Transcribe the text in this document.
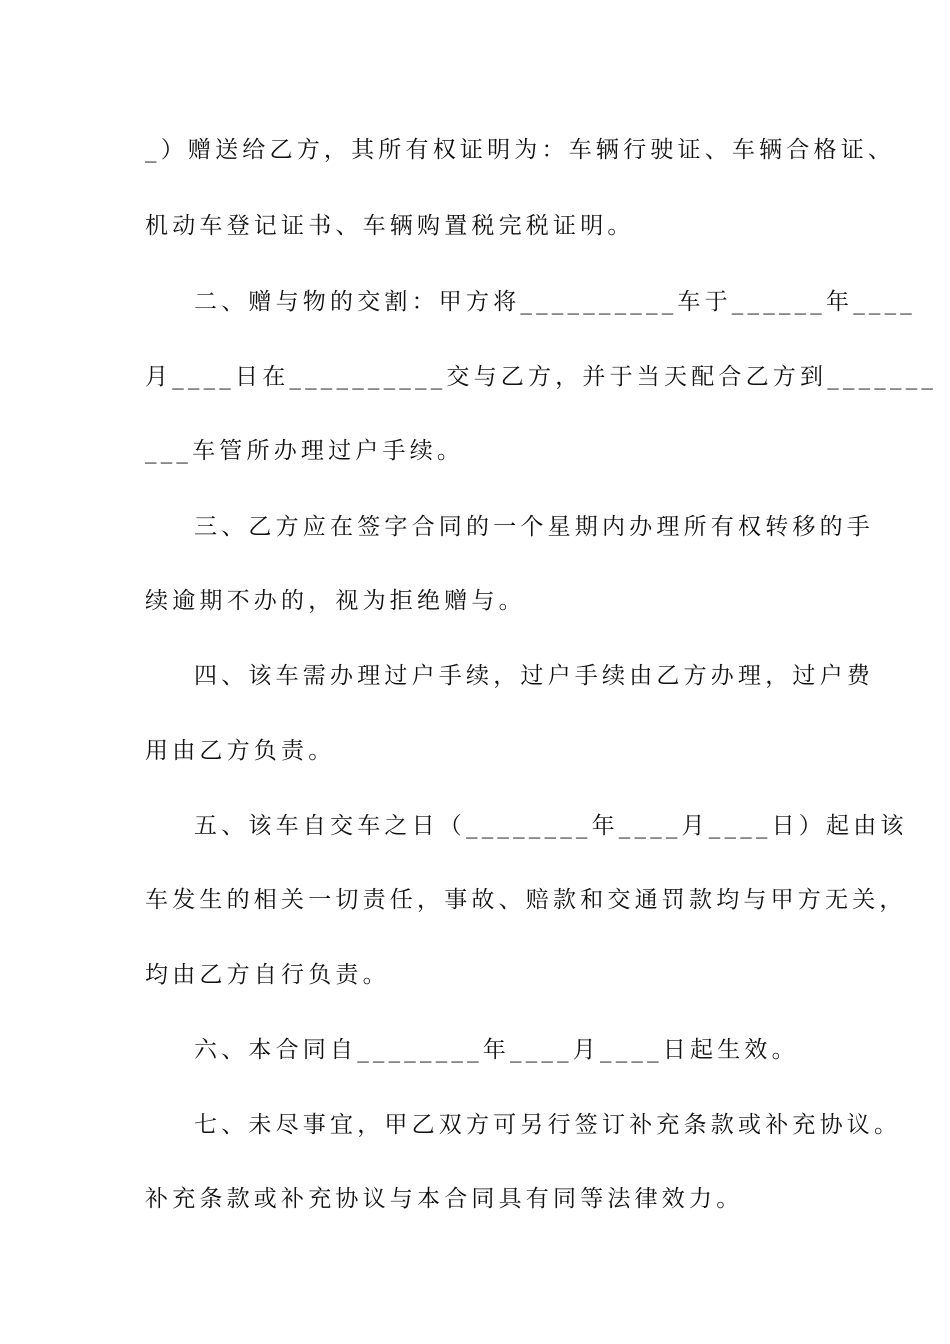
_）赠送给乙方，其所有权证明为：车辆行驶证、车辆合格证、
机动车登记证书、车辆购置税完税证明。
二、赠与物的交割：甲方将__________车于______年____
月____日在__________交与乙方，并于当天配合乙方到_______
___车管所办理过户手续。
三、乙方应在签字合同的一个星期内办理所有权转移的手
续逾期不办的，视为拒绝赠与。
四、该车需办理过户手续，过户手续由乙方办理，过户费
用由乙方负责。
五、该车自交车之日（________年____月____日）起由该
车发生的相关一切责任，事故、赔款和交通罚款均与甲方无关，
均由乙方自行负责。
六、本合同自________年____月____日起生效。
七、未尽事宜，甲乙双方可另行签订补充条款或补充协议。
补充条款或补充协议与本合同具有同等法律效力。
